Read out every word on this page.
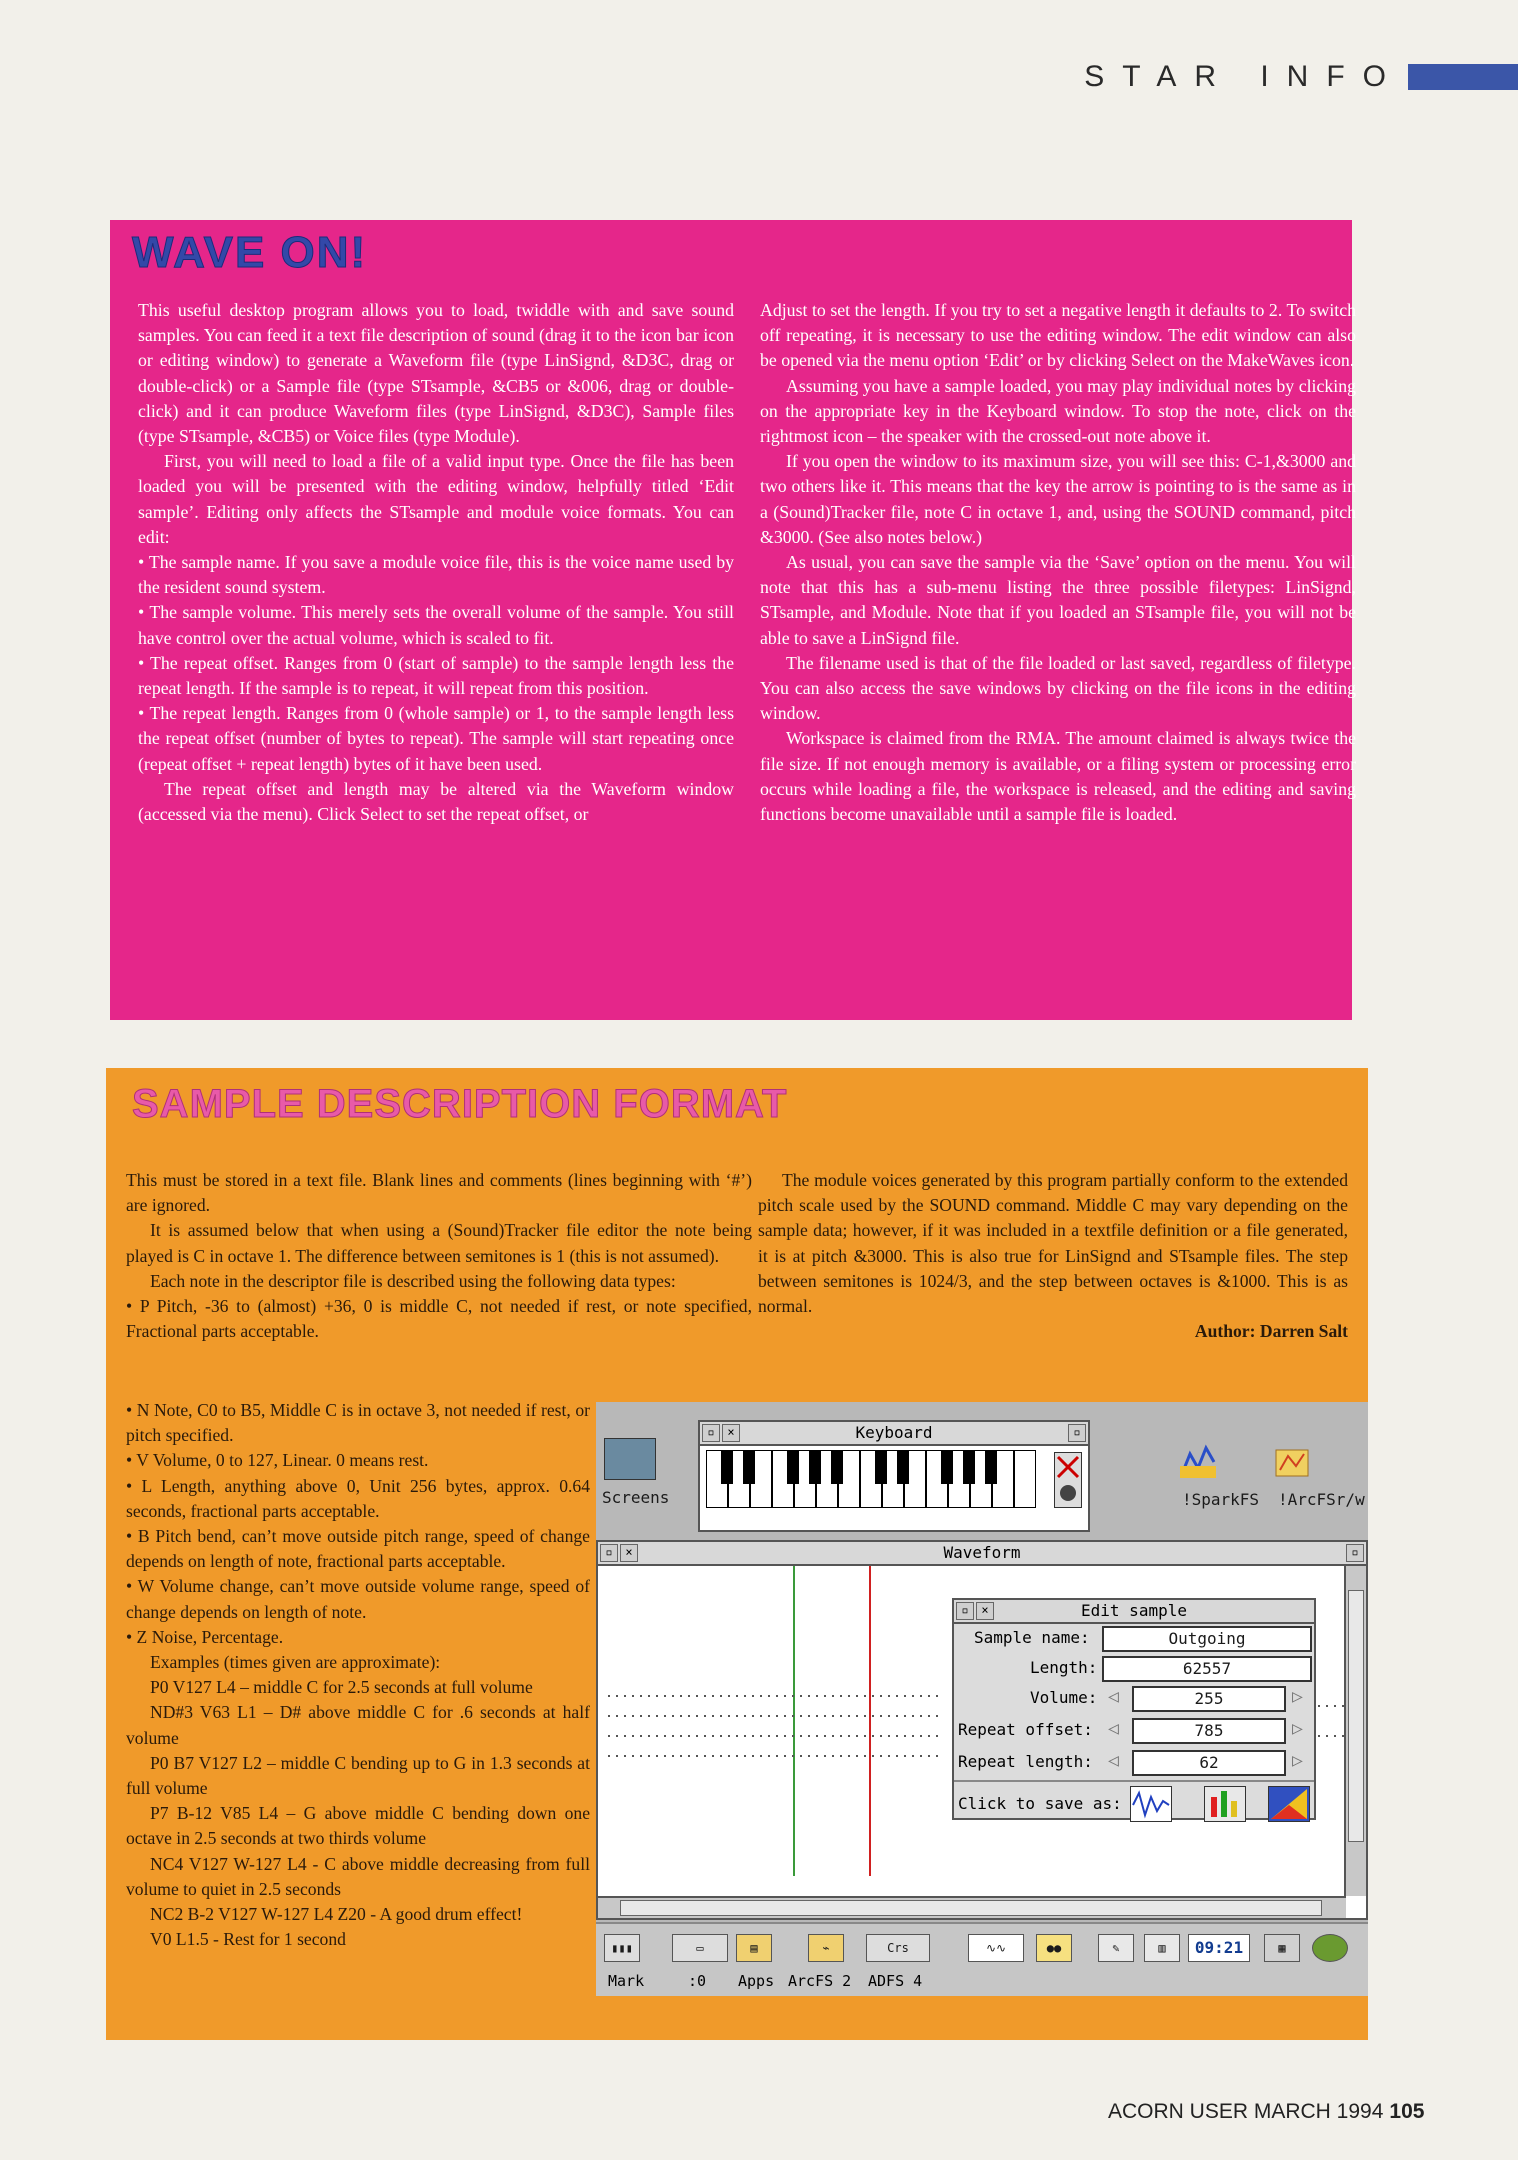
STAR INFO
WAVE ON!

This useful desktop program allows you to load, twiddle with and save sound samples. You can feed it a text file description of sound (drag it to the icon bar icon or editing window) to generate a Waveform file (type LinSignd, &D3C, drag or double-click) or a Sample file (type STsample, &CB5 or &006, drag or double-click) and it can produce Waveform files (type LinSignd, &D3C), Sample files (type STsample, &CB5) or Voice files (type Module).

First, you will need to load a file of a valid input type. Once the file has been loaded you will be presented with the editing window, helpfully titled ‘Edit sample’. Editing only affects the STsample and module voice formats. You can edit:

• The sample name. If you save a module voice file, this is the voice name used by the resident sound system.

• The sample volume. This merely sets the overall volume of the sample. You still have control over the actual volume, which is scaled to fit.

• The repeat offset. Ranges from 0 (start of sample) to the sample length less the repeat length. If the sample is to repeat, it will repeat from this position.

• The repeat length. Ranges from 0 (whole sample) or 1, to the sample length less the repeat offset (number of bytes to repeat). The sample will start repeating once (repeat offset + repeat length) bytes of it have been used.

The repeat offset and length may be altered via the Waveform window (accessed via the menu). Click Select to set the repeat offset, or

Adjust to set the length. If you try to set a negative length it defaults to 2. To switch off repeating, it is necessary to use the editing window. The edit window can also be opened via the menu option ‘Edit’ or by clicking Select on the MakeWaves icon.

Assuming you have a sample loaded, you may play individual notes by clicking on the appropriate key in the Keyboard window. To stop the note, click on the rightmost icon – the speaker with the crossed-out note above it.

If you open the window to its maximum size, you will see this: C-1,&3000 and two others like it. This means that the key the arrow is pointing to is the same as in a (Sound)Tracker file, note C in octave 1, and, using the SOUND command, pitch &3000. (See also notes below.)

As usual, you can save the sample via the ‘Save’ option on the menu. You will note that this has a sub-menu listing the three possible filetypes: LinSignd, STsample, and Module. Note that if you loaded an STsample file, you will not be able to save a LinSignd file.

The filename used is that of the file loaded or last saved, regardless of filetype. You can also access the save windows by clicking on the file icons in the editing window.

Workspace is claimed from the RMA. The amount claimed is always twice the file size. If not enough memory is available, or a filing system or processing error occurs while loading a file, the workspace is released, and the editing and saving functions become unavailable until a sample file is loaded.

SAMPLE DESCRIPTION FORMAT

This must be stored in a text file. Blank lines and comments (lines beginning with ‘#’) are ignored.

It is assumed below that when using a (Sound)Tracker file editor the note being played is C in octave 1. The difference between semitones is 1 (this is not assumed).

Each note in the descriptor file is described using the following data types:

• P Pitch, -36 to (almost) +36, 0 is middle C, not needed if rest, or note specified, Fractional parts acceptable.

• N Note, C0 to B5, Middle C is in octave 3, not needed if rest, or pitch specified.

• V Volume, 0 to 127, Linear. 0 means rest.

• L Length, anything above 0, Unit 256 bytes, approx. 0.64 seconds, fractional parts acceptable.

• B Pitch bend, can’t move outside pitch range, speed of change depends on length of note, fractional parts acceptable.

• W Volume change, can’t move outside volume range, speed of change depends on length of note.

• Z Noise, Percentage.

Examples (times given are approximate):

P0 V127 L4 – middle C for 2.5 seconds at full volume

ND#3 V63 L1 – D# above middle C for .6 seconds at half volume

P0 B7 V127 L2 – middle C bending up to G in 1.3 seconds at full volume

P7 B-12 V85 L4 – G above middle C bending down one octave in 2.5 seconds at two thirds volume

NC4 V127 W-127 L4 - C above middle decreasing from full volume to quiet in 2.5 seconds

NC2 B-2 V127 W-127 L4 Z20 - A good drum effect!

V0 L1.5 - Rest for 1 second

The module voices generated by this program partially conform to the extended pitch scale used by the SOUND command. Middle C may vary depending on the sample data; however, if it was included in a textfile definition or a file generated, it is at pitch &3000. This is also true for LinSignd and STsample files. The step between semitones is 1024/3, and the step between octaves is &1000. This is as normal.

Author: Darren Salt

Screens	!SparkFS !ArcFSr/w
▫	×	Keyboard	▫
▫	×	Waveform	▫
▫	×	Edit sample
Sample name:	Outgoing
Length:	62557
Volume: ◁	255	▷
Repeat offset: ◁	785	▷
Repeat length: ◁	62	▷
Click to save as:
▮▮▮
Mark
▭
:0
▤
Apps
⌁
ArcFS 2
Crs
ADFS 4
∿∿	●●	✎	▥	09:21	▦
ACORN USER MARCH 1994 105
